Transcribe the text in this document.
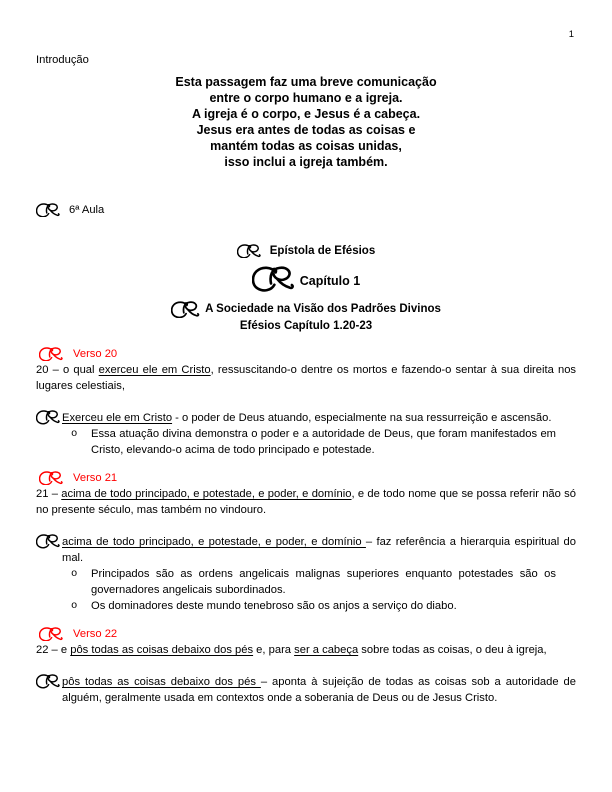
1
Introdução
Esta passagem faz uma breve comunicação
entre o corpo humano e a igreja.
A igreja é o corpo, e Jesus é a cabeça.
Jesus era antes de todas as coisas e
mantém todas as coisas unidas,
isso inclui a igreja também.
6ª Aula
Epístola de Efésios
Capítulo 1
A Sociedade na Visão dos Padrões Divinos
Efésios Capítulo 1.20-23
Verso 20
20 – o qual exerceu ele em Cristo, ressuscitando-o dentre os mortos e fazendo-o sentar à sua direita nos lugares celestiais,
Exerceu ele em Cristo - o poder de Deus atuando, especialmente na sua ressurreição e ascensão.
o	Essa atuação divina demonstra o poder e a autoridade de Deus, que foram manifestados em Cristo, elevando-o acima de todo principado e potestade.
Verso 21
21 – acima de todo principado, e potestade, e poder, e domínio, e de todo nome que se possa referir não só no presente século, mas também no vindouro.
acima de todo principado, e potestade, e poder, e domínio – faz referência a hierarquia espiritual do mal.
o	Principados são as ordens angelicais malignas superiores enquanto potestades são os governadores angelicais subordinados.
o	Os dominadores deste mundo tenebroso são os anjos a serviço do diabo.
Verso 22
22 – e pôs todas as coisas debaixo dos pés e, para ser a cabeça sobre todas as coisas, o deu à igreja,
pôs todas as coisas debaixo dos pés – aponta à sujeição de todas as coisas sob a autoridade de alguém, geralmente usada em contextos onde a soberania de Deus ou de Jesus Cristo.
